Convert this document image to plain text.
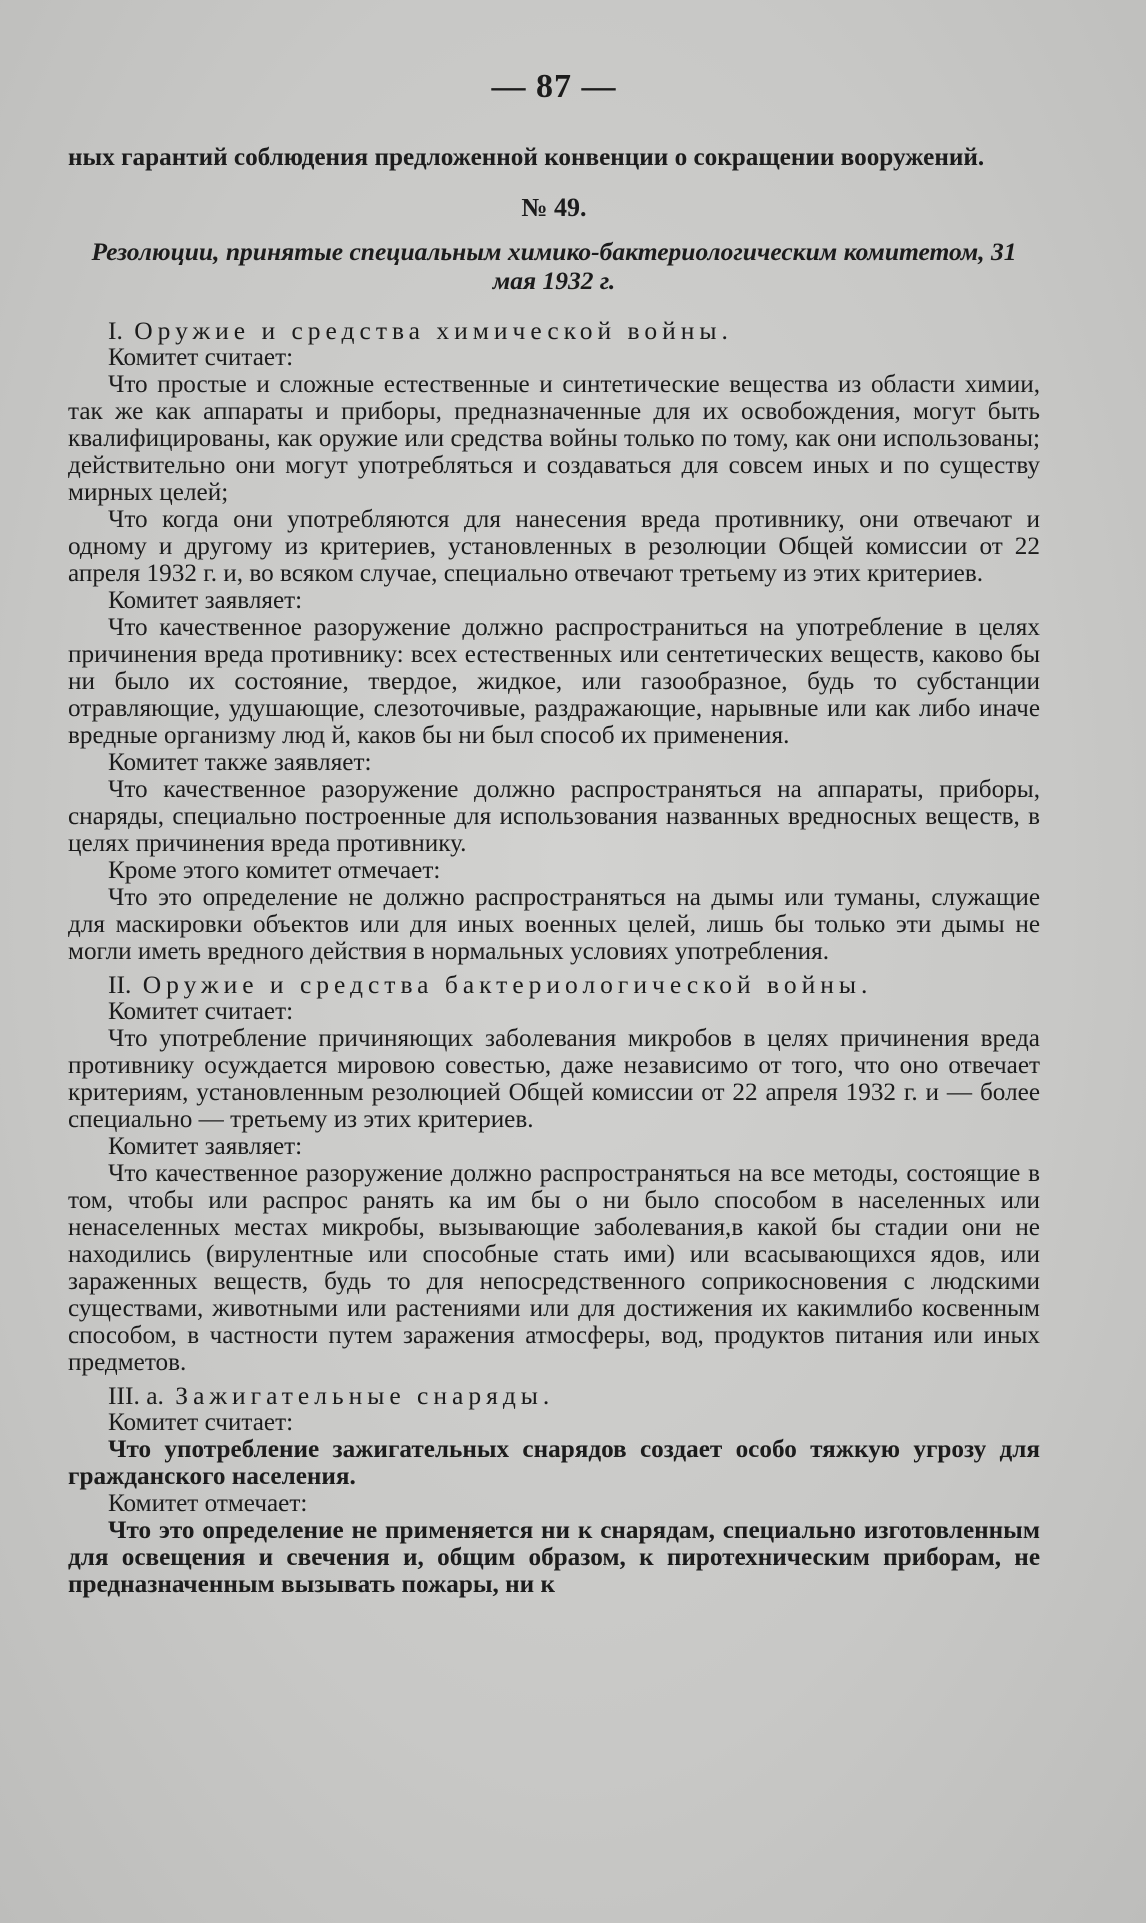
— 87 —

ных гарантий соблюдения предложенной конвенции о сокращении вооружений.

№ 49.
Резолюции, принятые специальным химико-бактериологическим комитетом, 31 мая 1932 г.

I. Оружие и средства химической войны.

Комитет считает:

Что простые и сложные естественные и синтетические вещества из области химии, так же как аппараты и приборы, предназначенные для их освобождения, могут быть квалифицированы, как оружие или средства войны только по тому, как они использованы; действительно они могут употребляться и создаваться для совсем иных и по существу мирных целей;

Что когда они употребляются для нанесения вреда противнику, они отвечают и одному и другому из критериев, установленных в резолюции Общей комиссии от 22 апреля 1932 г. и, во всяком случае, специально отвечают третьему из этих критериев.

Комитет заявляет:

Что качественное разоружение должно распространиться на употребление в целях причинения вреда противнику: всех естественных или сентетических веществ, каково бы ни было их состояние, твердое, жидкое, или газообразное, будь то субстанции отравляющие, удушающие, слезоточивые, раздражающие, нарывные или как либо иначе вредные организму люд й, каков бы ни был способ их применения.

Комитет также заявляет:

Что качественное разоружение должно распространяться на аппараты, приборы, снаряды, специально построенные для использования названных вредносных веществ, в целях причинения вреда противнику.

Кроме этого комитет отмечает:

Что это определение не должно распространяться на дымы или туманы, служащие для маскировки объектов или для иных военных целей, лишь бы только эти дымы не могли иметь вредного действия в нормальных условиях употребления.

II. Оружие и средства бактериологической войны.

Комитет считает:

Что употребление причиняющих заболевания микробов в целях причинения вреда противнику осуждается мировою совестью, даже независимо от того, что оно отвечает критериям, установленным резолюцией Общей комиссии от 22 апреля 1932 г. и — более специально — третьему из этих критериев.

Комитет заявляет:

Что качественное разоружение должно распространяться на все методы, состоящие в том, чтобы или распрос ранять ка им бы о ни было способом в населенных или ненаселенных местах микробы, вызывающие заболевания,в какой бы стадии они не находились (вирулентные или способные стать ими) или всасывающихся ядов, или зараженных веществ, будь то для непосредственного соприкосновения с людскими существами, животными или растениями или для достижения их какимлибо косвенным способом, в частности путем заражения атмосферы, вод, продуктов питания или иных предметов.

III. а. Зажигательные снаряды.

Комитет считает:

Что употребление зажигательных снарядов создает особо тяжкую угрозу для гражданского населения.

Комитет отмечает:

Что это определение не применяется ни к снарядам, специально изготовленным для освещения и свечения и, общим образом, к пиротехническим приборам, не предназначенным вызывать пожары, ни к
